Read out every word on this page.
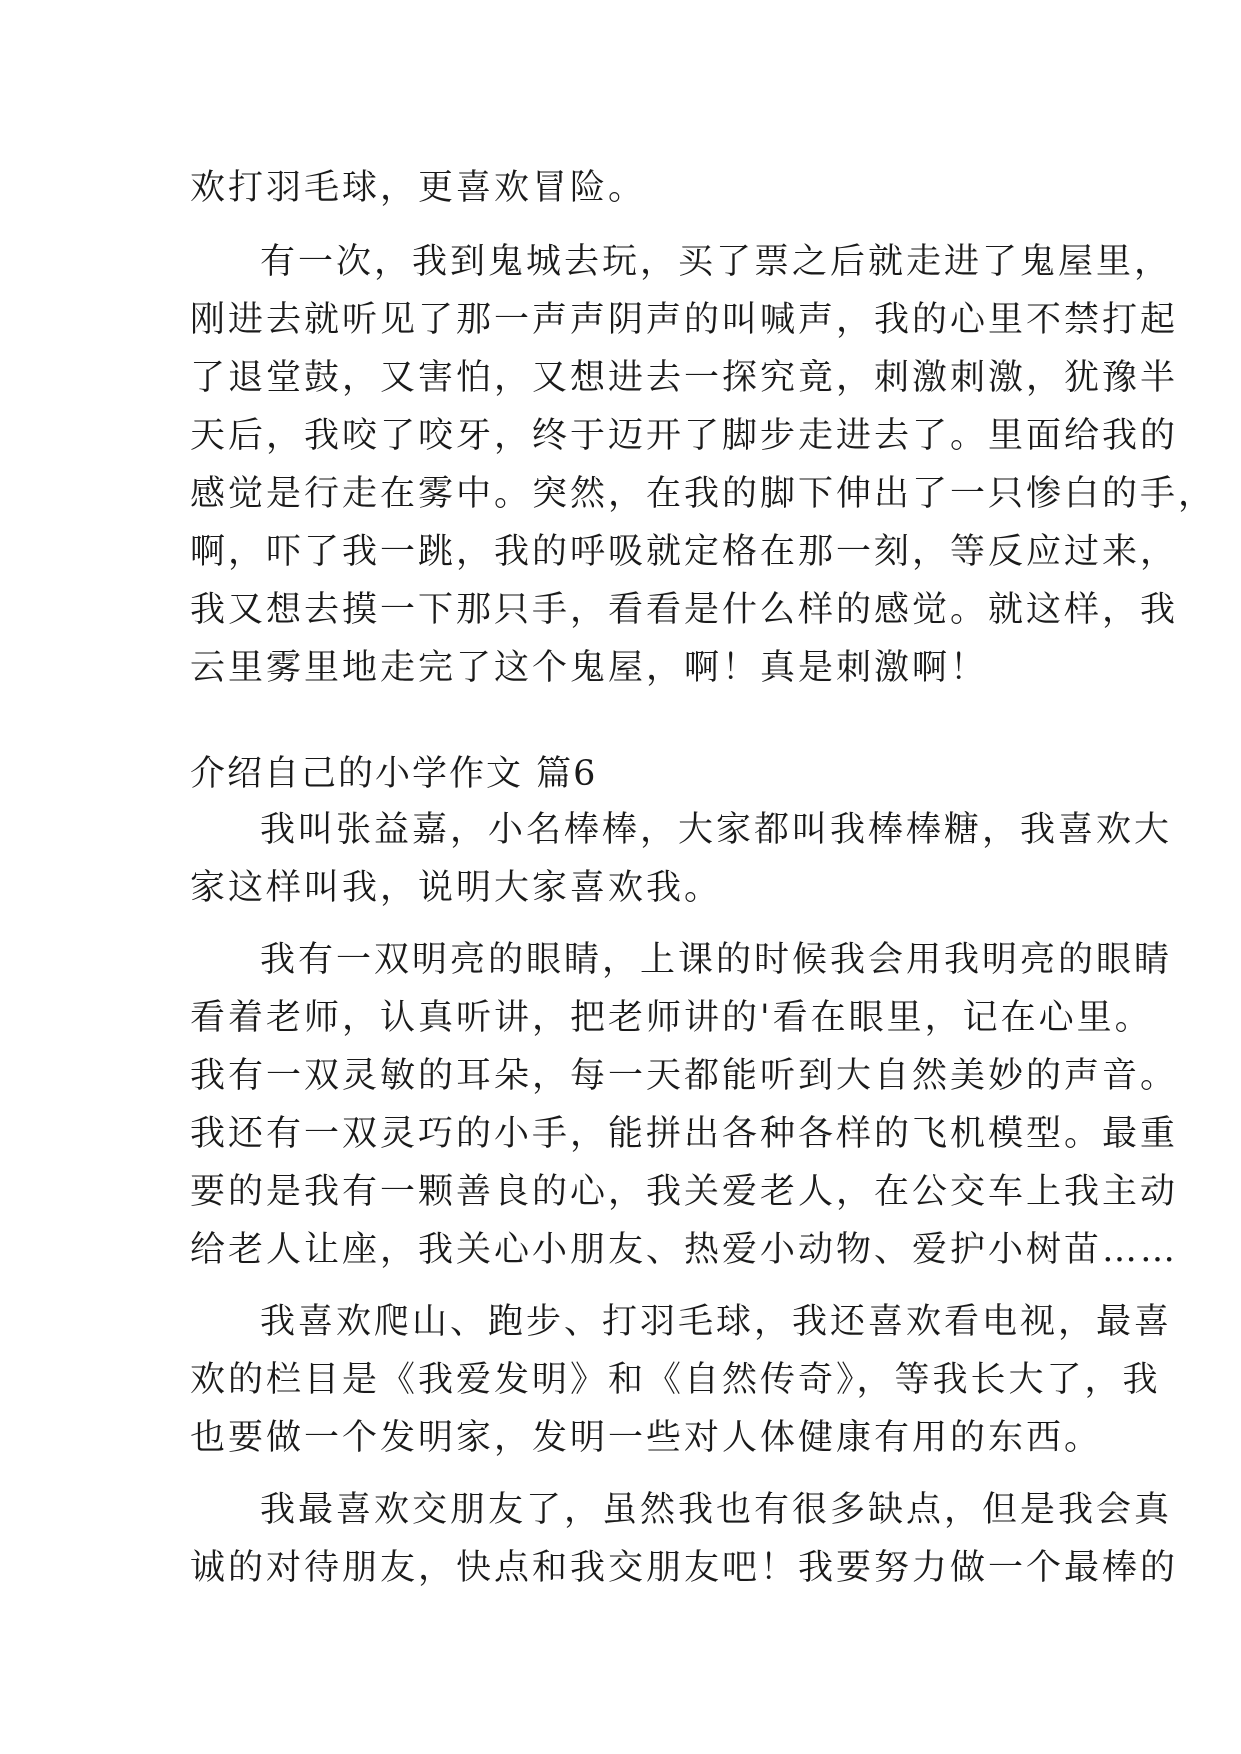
欢打羽毛球，更喜欢冒险。
有一次，我到鬼城去玩，买了票之后就走进了鬼屋里，
刚进去就听见了那一声声阴声的叫喊声，我的心里不禁打起
了退堂鼓，又害怕，又想进去一探究竟，刺激刺激，犹豫半
天后，我咬了咬牙，终于迈开了脚步走进去了。里面给我的
感觉是行走在雾中。突然，在我的脚下伸出了一只惨白的手，
啊，吓了我一跳，我的呼吸就定格在那一刻，等反应过来，
我又想去摸一下那只手，看看是什么样的感觉。就这样，我
云里雾里地走完了这个鬼屋，啊！真是刺激啊！
介绍自己的小学作文 篇6
我叫张益嘉，小名棒棒，大家都叫我棒棒糖，我喜欢大
家这样叫我，说明大家喜欢我。
我有一双明亮的眼睛，上课的时候我会用我明亮的眼睛
看着老师，认真听讲，把老师讲的'看在眼里，记在心里。
我有一双灵敏的耳朵，每一天都能听到大自然美妙的声音。
我还有一双灵巧的小手，能拼出各种各样的飞机模型。最重
要的是我有一颗善良的心，我关爱老人，在公交车上我主动
给老人让座，我关心小朋友、热爱小动物、爱护小树苗……
我喜欢爬山、跑步、打羽毛球，我还喜欢看电视，最喜
欢的栏目是《我爱发明》和《自然传奇》，等我长大了，我
也要做一个发明家，发明一些对人体健康有用的东西。
我最喜欢交朋友了，虽然我也有很多缺点，但是我会真
诚的对待朋友，快点和我交朋友吧！我要努力做一个最棒的
